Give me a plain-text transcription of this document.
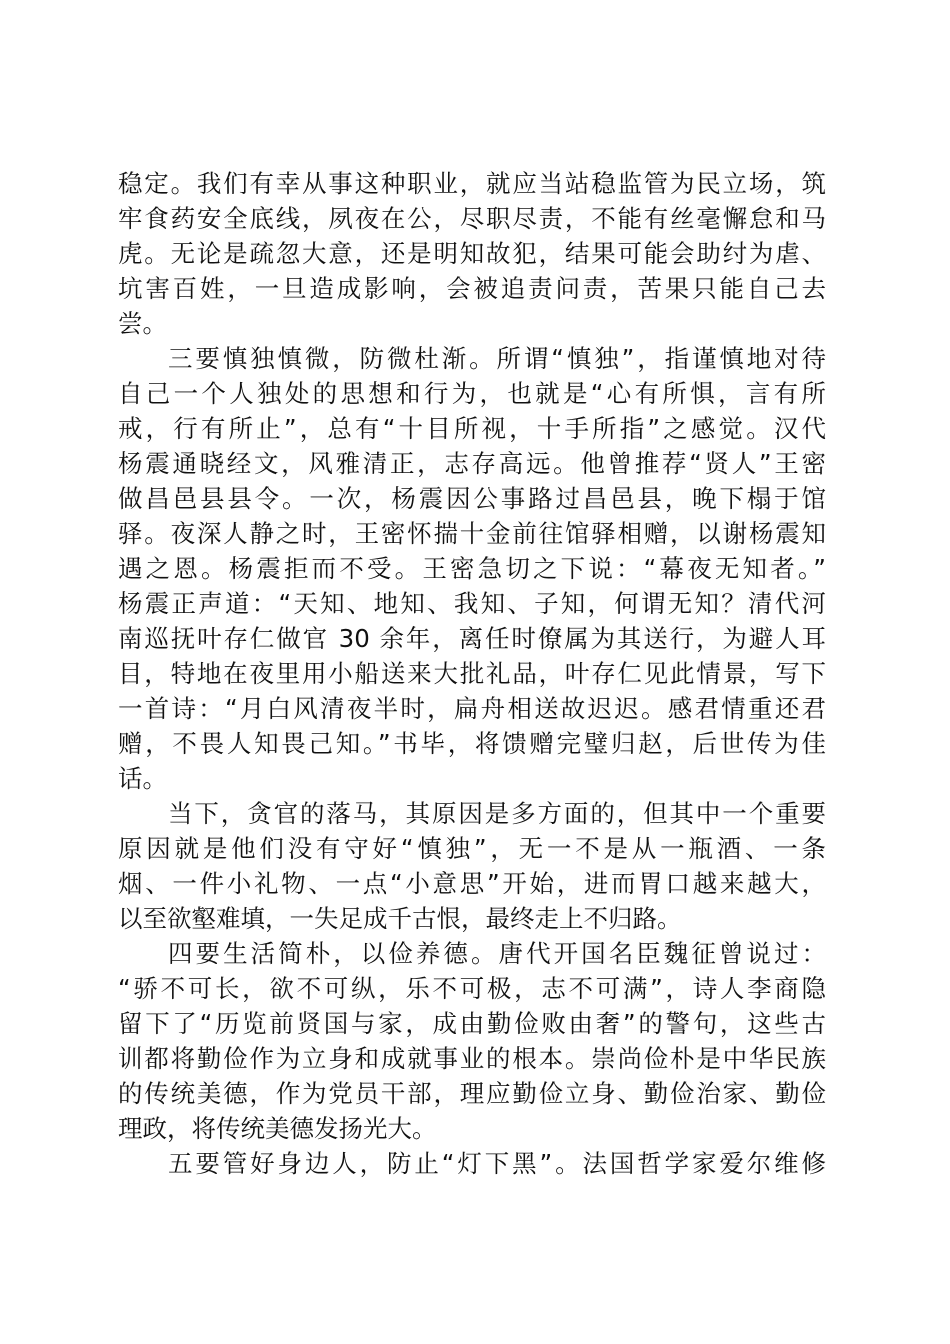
稳定。我们有幸从事这种职业，就应当站稳监管为民立场，筑
牢食药安全底线，夙夜在公，尽职尽责，不能有丝毫懈怠和马
虎。无论是疏忽大意，还是明知故犯，结果可能会助纣为虐、
坑害百姓，一旦造成影响，会被追责问责，苦果只能自己去
尝。
三要慎独慎微，防微杜渐。所谓“慎独”，指谨慎地对待
自己一个人独处的思想和行为，也就是“心有所惧，言有所
戒，行有所止”，总有“十目所视，十手所指”之感觉。汉代
杨震通晓经文，风雅清正，志存高远。他曾推荐“贤人”王密
做昌邑县县令。一次，杨震因公事路过昌邑县，晚下榻于馆
驿。夜深人静之时，王密怀揣十金前往馆驿相赠，以谢杨震知
遇之恩。杨震拒而不受。王密急切之下说：“幕夜无知者。”
杨震正声道：“天知、地知、我知、子知，何谓无知？清代河
南巡抚叶存仁做官 30 余年，离任时僚属为其送行，为避人耳
目，特地在夜里用小船送来大批礼品，叶存仁见此情景，写下
一首诗：“月白风清夜半时，扁舟相送故迟迟。感君情重还君
赠，不畏人知畏己知。”书毕，将馈赠完璧归赵，后世传为佳
话。
当下，贪官的落马，其原因是多方面的，但其中一个重要
原因就是他们没有守好“慎独”，无一不是从一瓶酒、一条
烟、一件小礼物、一点“小意思”开始，进而胃口越来越大，
以至欲壑难填，一失足成千古恨，最终走上不归路。
四要生活简朴，以俭养德。唐代开国名臣魏征曾说过：
“骄不可长，欲不可纵，乐不可极，志不可满”，诗人李商隐
留下了“历览前贤国与家，成由勤俭败由奢”的警句，这些古
训都将勤俭作为立身和成就事业的根本。崇尚俭朴是中华民族
的传统美德，作为党员干部，理应勤俭立身、勤俭治家、勤俭
理政，将传统美德发扬光大。
五要管好身边人，防止“灯下黑”。法国哲学家爱尔维修
